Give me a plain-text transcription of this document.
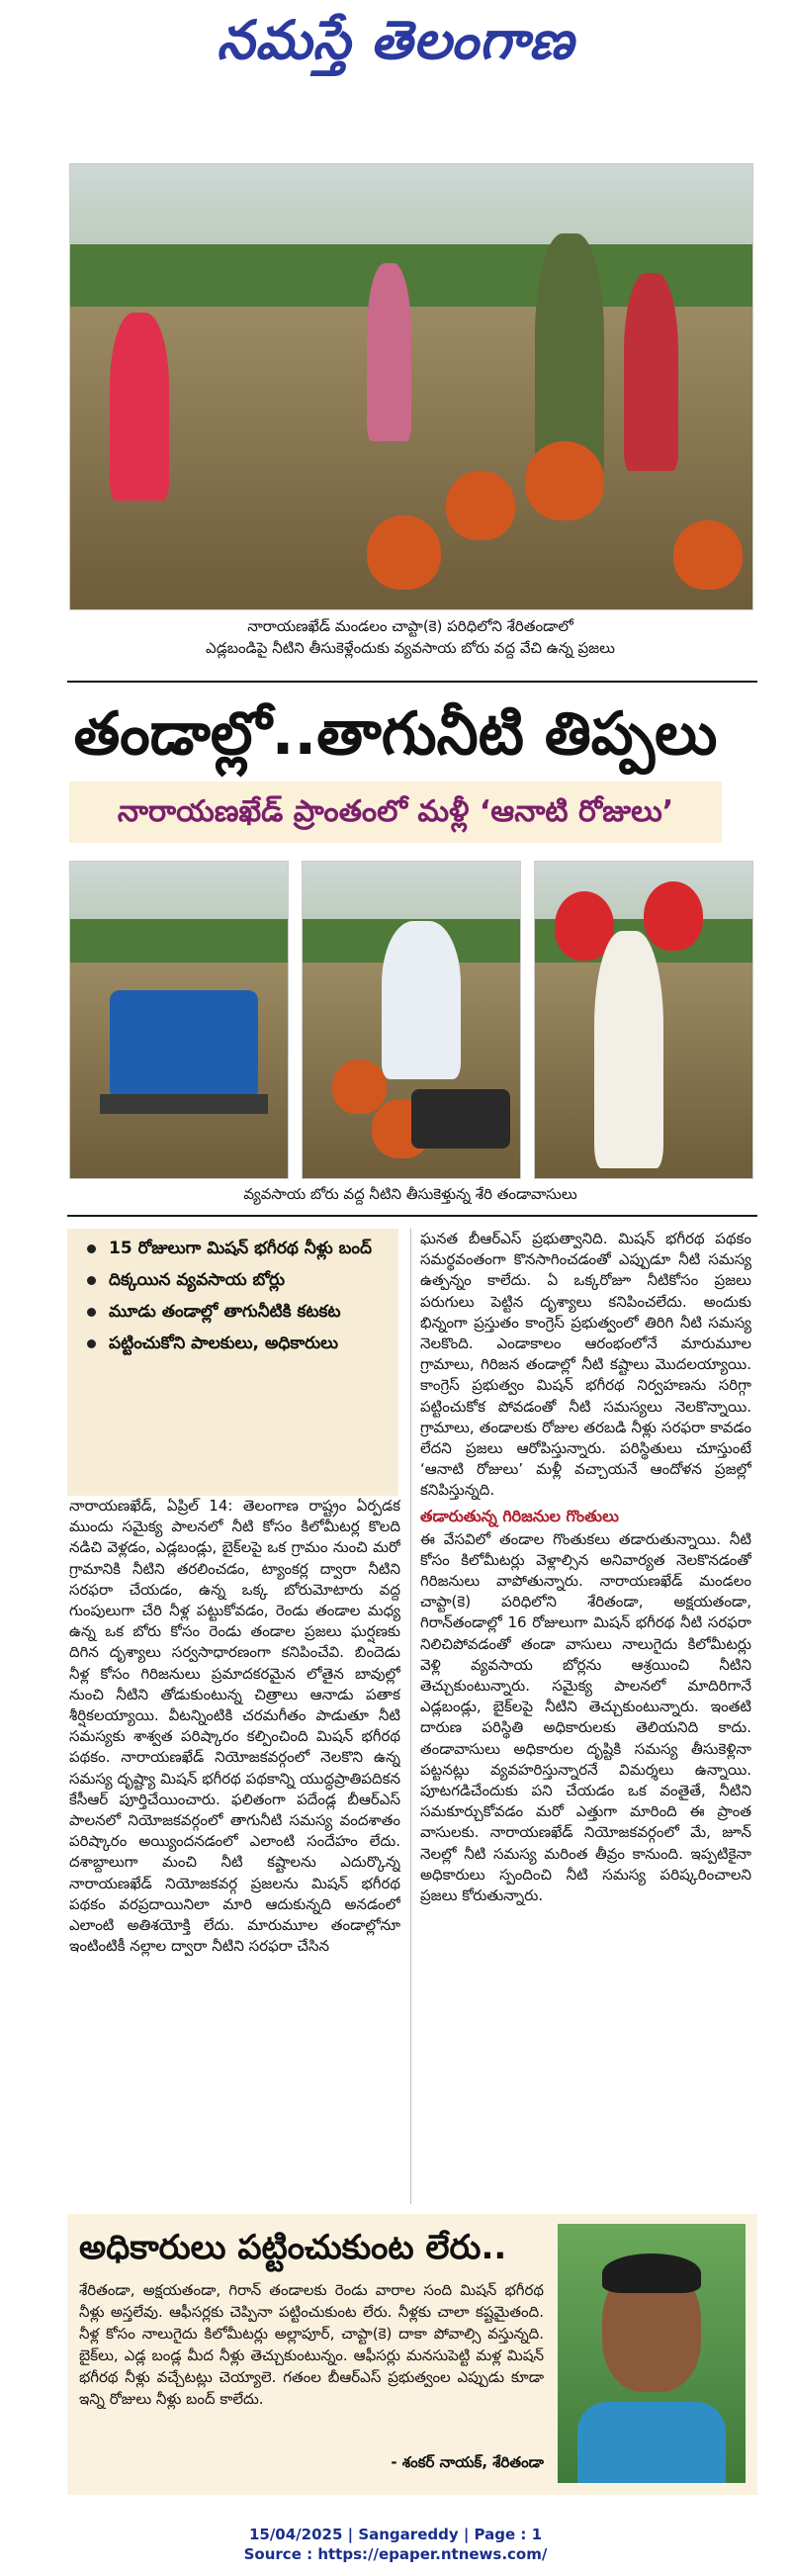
నమస్తే తెలంగాణ
నారాయణఖేడ్ మండలం చాప్టా(కె) పరిధిలోని శేరితండాలో
ఎడ్లబండిపై నీటిని తీసుకెళ్లేందుకు వ్యవసాయ బోరు వద్ద వేచి ఉన్న ప్రజలు
తండాల్లో..తాగునీటి తిప్పలు
నారాయణఖేడ్ ప్రాంతంలో మళ్లీ ‘ఆనాటి రోజులు’
వ్యవసాయ బోరు వద్ద నీటిని తీసుకెళ్తున్న శేరి తండావాసులు
15 రోజులుగా మిషన్ భగీరథ నీళ్లు బంద్
దిక్కయిన వ్యవసాయ బోర్లు
మూడు తండాల్లో తాగునీటికి కటకట
పట్టించుకోని పాలకులు, అధికారులు

నారాయణఖేడ్, ఏప్రిల్ 14: తెలంగాణ రాష్ట్రం ఏర్పడక ముందు సమైక్య పాలనలో నీటి కోసం కిలోమీటర్ల కొలది నడిచి వెళ్లడం, ఎడ్లబండ్లు, బైక్‌లపై ఒక గ్రామం నుంచి మరో గ్రామానికి నీటిని తరలించడం, ట్యాంకర్ల ద్వారా నీటిని సరఫరా చేయడం, ఉన్న ఒక్క బోరుమోటారు వద్ద గుంపులుగా చేరి నీళ్ల పట్టుకోవడం, రెండు తండాల మధ్య ఉన్న ఒక బోరు కోసం రెండు తండాల ప్రజలు ఘర్షణకు దిగిన దృశ్యాలు సర్వసాధారణంగా కనిపించేవి. బిందెడు నీళ్ల కోసం గిరిజనులు ప్రమాదకరమైన లోతైన బావుల్లో నుంచి నీటిని తోడుకుంటున్న చిత్రాలు ఆనాడు పతాక శీర్షికలయ్యాయి. వీటన్నింటికి చరమగీతం పాడుతూ నీటి సమస్యకు శాశ్వత పరిష్కారం కల్పించింది మిషన్ భగీరథ పథకం. నారాయణఖేడ్ నియోజకవర్గంలో నెలకొని ఉన్న సమస్య దృష్ట్యా మిషన్ భగీరథ పథకాన్ని యుద్ధప్రాతిపదికన కేసీఆర్ పూర్తిచేయించారు. ఫలితంగా పదేండ్ల బీఆర్‌ఎస్ పాలనలో నియోజకవర్గంలో తాగునీటి సమస్య వందశాతం పరిష్కారం అయ్యిందనడంలో ఎలాంటి సందేహం లేదు. దశాబ్దాలుగా మంచి నీటి కష్టాలను ఎదుర్కొన్న నారాయణఖేడ్ నియోజకవర్గ ప్రజలను మిషన్ భగీరథ పథకం వరప్రదాయినిలా మారి ఆదుకున్నది అనడంలో ఎలాంటి అతిశయోక్తి లేదు. మారుమూల తండాల్లోనూ ఇంటింటికీ నల్లాల ద్వారా నీటిని సరఫరా చేసిన

ఘనత బీఆర్‌ఎస్ ప్రభుత్వానిది. మిషన్ భగీరథ పథకం సమర్థవంతంగా కొనసాగించడంతో ఎప్పుడూ నీటి సమస్య ఉత్పన్నం కాలేదు. ఏ ఒక్కరోజూ నీటికోసం ప్రజలు పరుగులు పెట్టిన దృశ్యాలు కనిపించలేదు. అందుకు భిన్నంగా ప్రస్తుతం కాంగ్రెస్ ప్రభుత్వంలో తిరిగి నీటి సమస్య నెలకొంది. ఎండాకాలం ఆరంభంలోనే మారుమూల గ్రామాలు, గిరిజన తండాల్లో నీటి కష్టాలు మొదలయ్యాయి. కాంగ్రెస్ ప్రభుత్వం మిషన్ భగీరథ నిర్వహణను సరిగ్గా పట్టించుకోక పోవడంతో నీటి సమస్యలు నెలకొన్నాయి. గ్రామాలు, తండాలకు రోజుల తరబడి నీళ్లు సరఫరా కావడం లేదని ప్రజలు ఆరోపిస్తున్నారు. పరిస్థితులు చూస్తుంటే ‘ఆనాటి రోజులు’ మళ్లీ వచ్చాయనే ఆందోళన ప్రజల్లో కనిపిస్తున్నది.

తడారుతున్న గిరిజనుల గొంతులు

ఈ వేసవిలో తండాల గొంతుకలు తడారుతున్నాయి. నీటి కోసం కిలోమీటర్లు వెళ్లాల్సిన అనివార్యత నెలకొనడంతో గిరిజనులు వాపోతున్నారు. నారాయణఖేడ్ మండలం చాప్టా(కె) పరిధిలోని శేరితండా, అక్షయతండా, గిరాన్‌తండాల్లో 16 రోజులుగా మిషన్ భగీరథ నీటి సరఫరా నిలిచిపోవడంతో తండా వాసులు నాలుగైదు కిలోమీటర్లు వెళ్లి వ్యవసాయ బోర్లను ఆశ్రయించి నీటిని తెచ్చుకుంటున్నారు. సమైక్య పాలనలో మాదిరిగానే ఎడ్లబండ్లు, బైక్‌లపై నీటిని తెచ్చుకుంటున్నారు. ఇంతటి దారుణ పరిస్థితి అధికారులకు తెలియనిది కాదు. తండావాసులు అధికారుల దృష్టికి సమస్య తీసుకెళ్లినా పట్టనట్లు వ్యవహరిస్తున్నారనే విమర్శలు ఉన్నాయి. పూటగడిచేందుకు పని చేయడం ఒక వంతైతే, నీటిని సమకూర్చుకోవడం మరో ఎత్తుగా మారింది ఈ ప్రాంత వాసులకు. నారాయణఖేడ్ నియోజకవర్గంలో మే, జూన్ నెలల్లో నీటి సమస్య మరింత తీవ్రం కానుంది. ఇప్పటికైనా అధికారులు స్పందించి నీటి సమస్య పరిష్కరించాలని ప్రజలు కోరుతున్నారు.

అధికారులు పట్టించుకుంట లేరు..
శేరితండా, అక్షయతండా, గిరాన్ తండాలకు రెండు వారాల సంది మిషన్ భగీరథ నీళ్లు అస్తలేవు. ఆఫీసర్లకు చెప్పినా పట్టించుకుంట లేరు. నీళ్లకు చాలా కష్టమైతంది. నీళ్ల కోసం నాలుగైదు కిలోమీటర్లు అల్లాపూర్, చాప్టా(కె) దాకా పోవాల్సి వస్తున్నది. బైక్‌లు, ఎడ్ల బండ్ల మీద నీళ్లు తెచ్చుకుంటున్నం. ఆఫీసర్లు మనసుపెట్టి మళ్ల మిషన్ భగీరథ నీళ్లు వచ్చేటట్లు చెయ్యాలె. గతంల బీఆర్‌ఎస్ ప్రభుత్వంల ఎప్పుడు కూడా ఇన్ని రోజులు నీళ్లు బంద్ కాలేదు.
- శంకర్ నాయక్, శేరితండా
15/04/2025 | Sangareddy | Page : 1
Source : https://epaper.ntnews.com/
